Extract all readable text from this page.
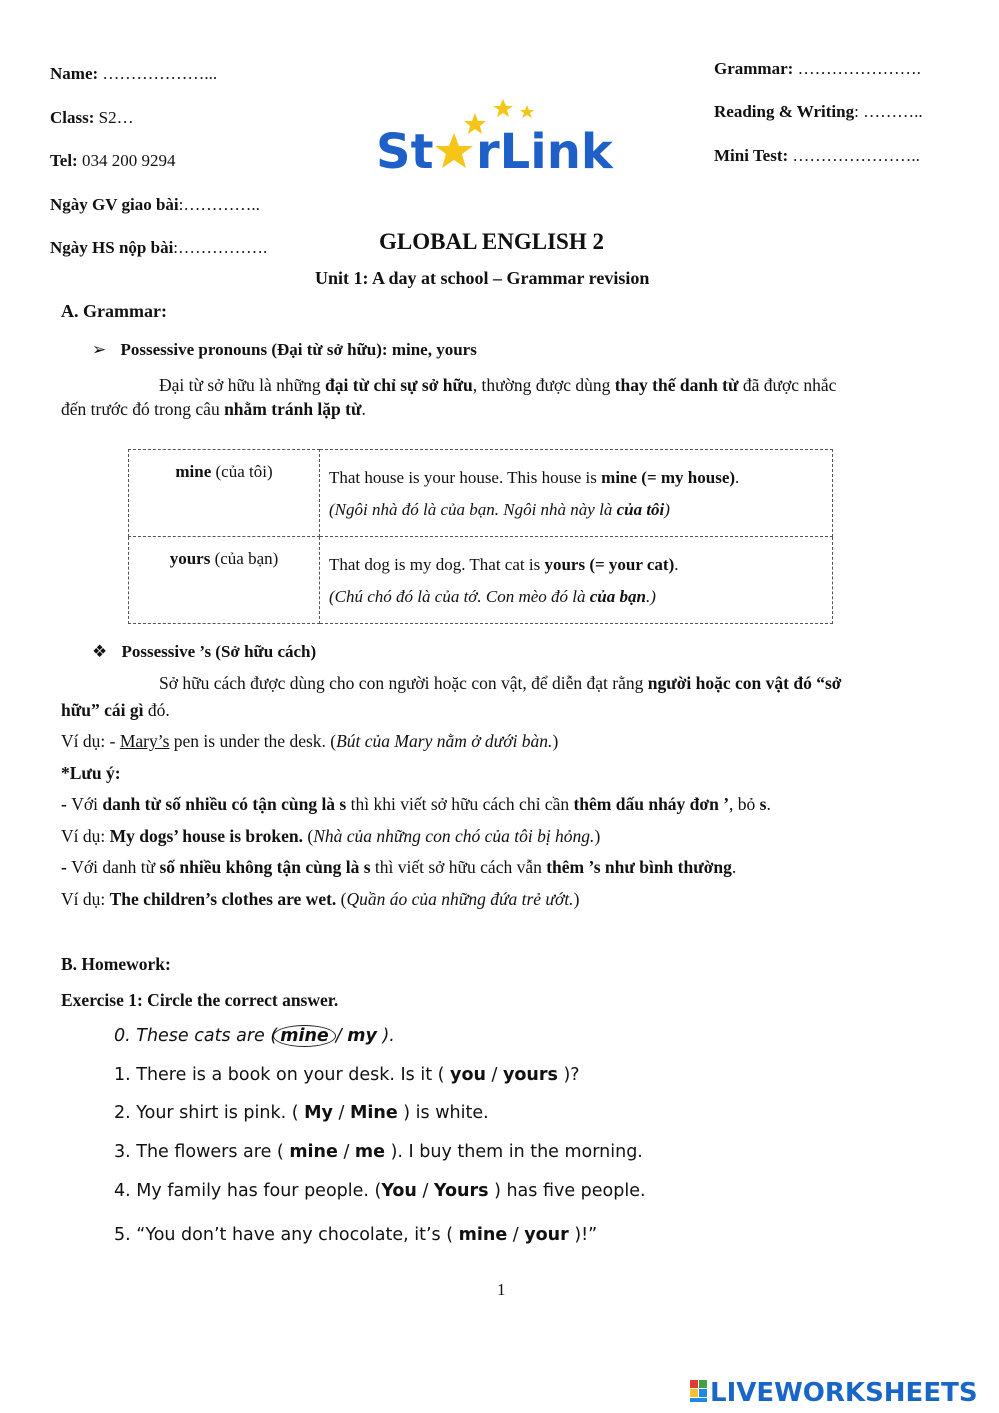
Name: ………………...
Class: S2…
Tel: 034 200 9294
Ngày GV giao bài:…………..
Ngày HS nộp bài:…………….
Grammar: ………………….
Reading & Writing: ………..
Mini Test: …………………..
St rLink
GLOBAL ENGLISH 2
Unit 1: A day at school – Grammar revision
A. Grammar:
➢ Possessive pronouns (Đại từ sở hữu): mine, yours
Đại từ sở hữu là những đại từ chỉ sự sở hữu, thường được dùng thay thế danh từ đã được nhắc
đến trước đó trong câu nhằm tránh lặp từ.
mine (của tôi)	That house is your house. This house is mine (= my house).
(Ngôi nhà đó là của bạn. Ngôi nhà này là của tôi)

yours (của bạn)	That dog is my dog. That cat is yours (= your cat).
(Chú chó đó là của tớ. Con mèo đó là của bạn.)
❖ Possessive ’s (Sở hữu cách)
Sở hữu cách được dùng cho con người hoặc con vật, để diễn đạt rằng người hoặc con vật đó “sở
hữu” cái gì đó.
Ví dụ: - Mary’s pen is under the desk. (Bút của Mary nằm ở dưới bàn.)
*Lưu ý:
- Với danh từ số nhiều có tận cùng là s thì khi viết sở hữu cách chỉ cần thêm dấu nháy đơn ’, bỏ s.
Ví dụ: My dogs’ house is broken. (Nhà của những con chó của tôi bị hỏng.)
- Với danh từ số nhiều không tận cùng là s thì viết sở hữu cách vẫn thêm ’s như bình thường.
Ví dụ: The children’s clothes are wet. (Quần áo của những đứa trẻ ướt.)
B. Homework:
Exercise 1: Circle the correct answer.
0. These cats are ( mine / my ).
1. There is a book on your desk. Is it ( you / yours )?
2. Your shirt is pink. ( My / Mine ) is white.
3. The flowers are ( mine / me ). I buy them in the morning.
4. My family has four people. (You / Yours ) has five people.
5. “You don’t have any chocolate, it’s ( mine / your )!”
1
LIVEWORKSHEETS
